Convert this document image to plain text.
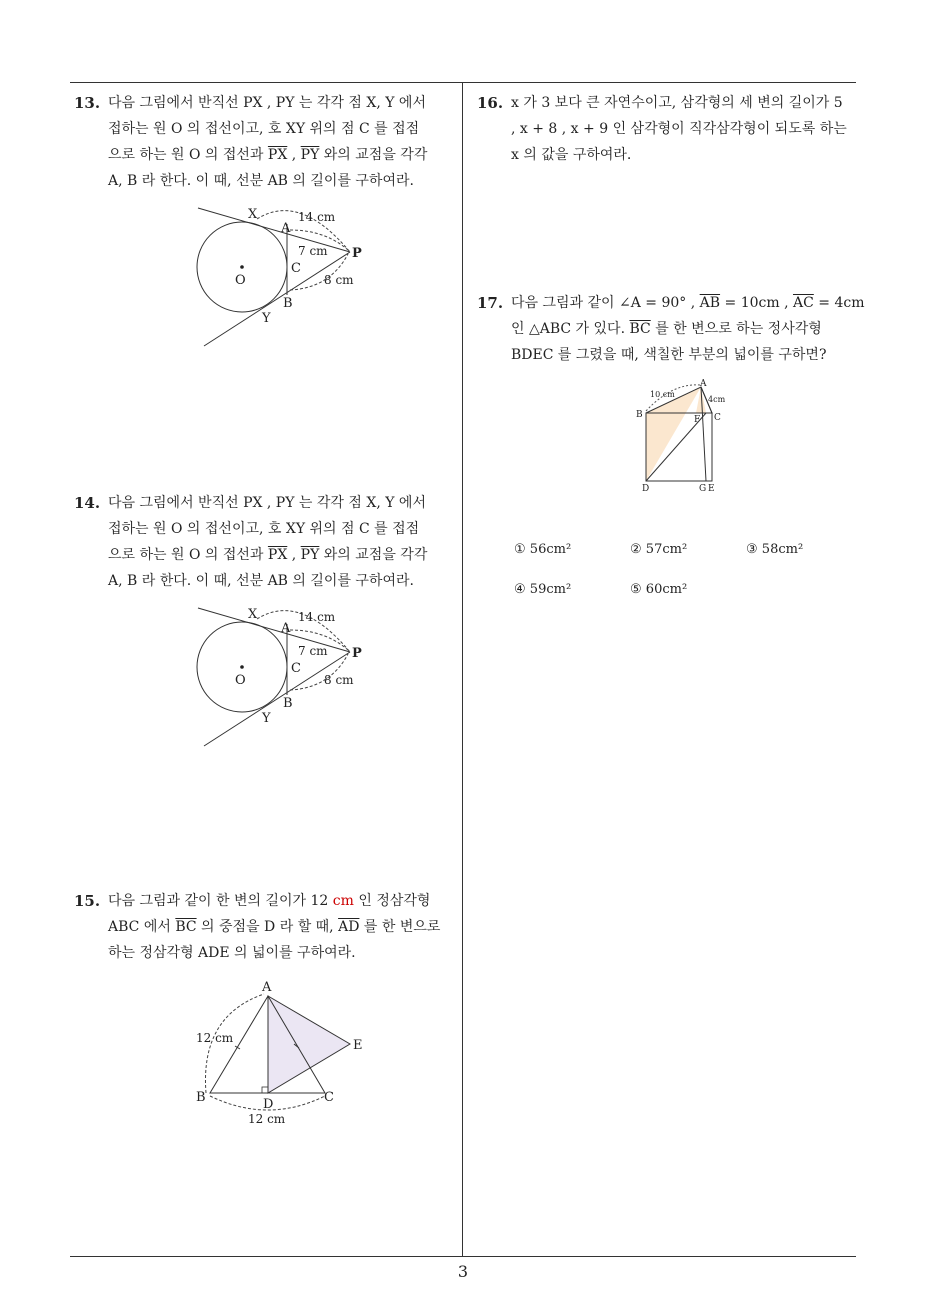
13. 다음 그림에서 반직선 PX , PY 는 각각 점 X, Y 에서
접하는 원 O 의 접선이고, 호 XY 위의 점 C 를 접점
으로 하는 원 O 의 접선과 $\overline{PX}$ , $\overline{PY}$ 와의 교점을 각각
A, B 라 한다. 이 때, 선분 AB 의 길이를 구하여라.
X
A
C
O
B
Y
P
14 cm
7 cm
8 cm
14. 다음 그림에서 반직선 PX , PY 는 각각 점 X, Y 에서
접하는 원 O 의 접선이고, 호 XY 위의 점 C 를 접점
으로 하는 원 O 의 접선과 $\overline{PX}$ , $\overline{PY}$ 와의 교점을 각각
A, B 라 한다. 이 때, 선분 AB 의 길이를 구하여라.
X
A
C
O
B
Y
P
14 cm
7 cm
8 cm
15. 다음 그림과 같이 한 변의 길이가 12 cm 인 정삼각형
ABC 에서 $\overline{BC}$ 의 중점을 D 라 할 때, $\overline{AD}$ 를 한 변으로
하는 정삼각형 ADE 의 넓이를 구하여라.
A
B	C
D
E
12 cm
12 cm
16. x 가 3 보다 큰 자연수이고, 삼각형의 세 변의 길이가 5
, x + 8 , x + 9 인 삼각형이 직각삼각형이 되도록 하는
x 의 값을 구하여라.
17. 다음 그림과 같이 ∠A = 90° , $\overline{AB} = 10cm$ , $\overline{AC} = 4cm$
인 △ABC 가 있다. $\overline{BC}$ 를 한 변으로 하는 정사각형
BDEC 를 그렸을 때, 색칠한 부분의 넓이를 구하면?
A
B	C
D	E
F
G
10 cm
4cm
① 56cm²	② 57cm²	③ 58cm²
④ 59cm²	⑤ 60cm²
3
